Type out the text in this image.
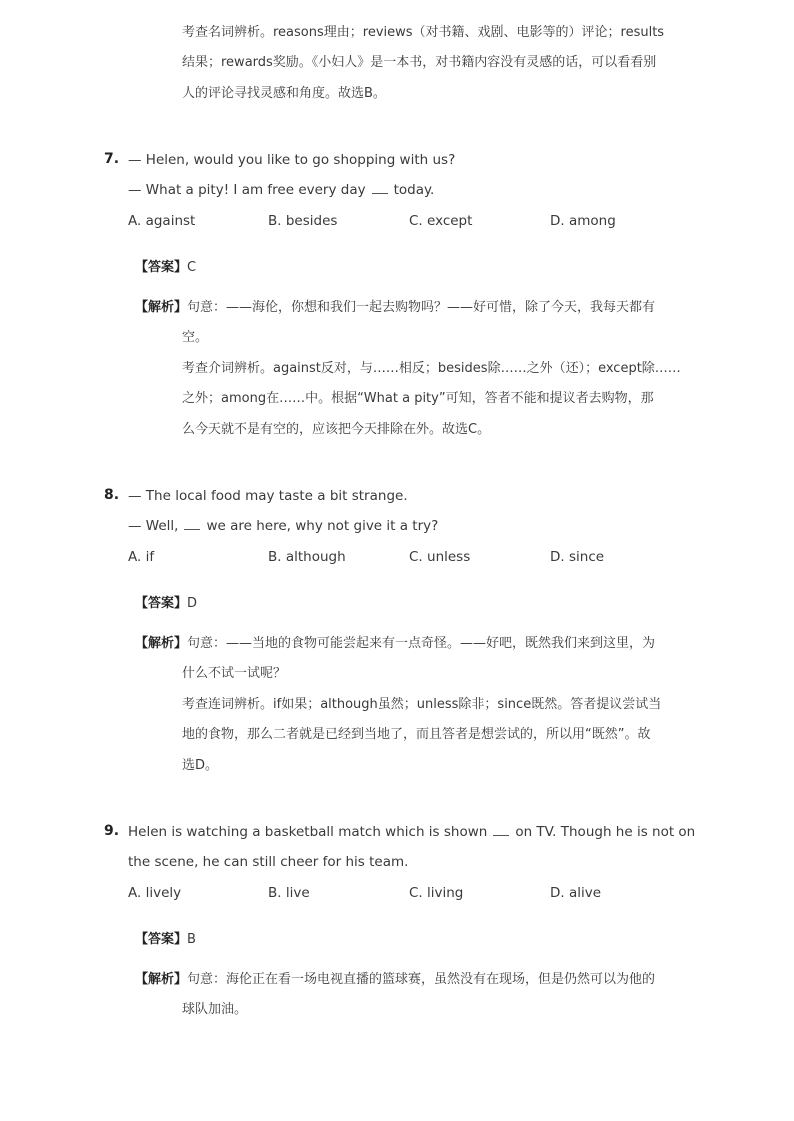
考查名词辨析。reasons理由；reviews（对书籍、戏剧、电影等的）评论；results
结果；rewards奖励。《小妇人》是一本书，对书籍内容没有灵感的话，可以看看别
人的评论寻找灵感和角度。故选B。
7. — Helen, would you like to go shopping with us?
— What a pity! I am free every day today.
A. against	B. besides	C. except	D. among
【答案】C
【解析】句意：——海伦，你想和我们一起去购物吗？——好可惜，除了今天，我每天都有
空。
考查介词辨析。against反对，与……相反；besides除……之外（还）；except除……
之外；among在……中。根据“What a pity”可知，答者不能和提议者去购物，那
么今天就不是有空的，应该把今天排除在外。故选C。
8. — The local food may taste a bit strange.
— Well, we are here, why not give it a try?
A. if	B. although	C. unless	D. since
【答案】D
【解析】句意：——当地的食物可能尝起来有一点奇怪。——好吧，既然我们来到这里，为
什么不试一试呢？
考查连词辨析。if如果；although虽然；unless除非；since既然。答者提议尝试当
地的食物，那么二者就是已经到当地了，而且答者是想尝试的，所以用“既然”。故
选D。
9. Helen is watching a basketball match which is shown on TV. Though he is not on
the scene, he can still cheer for his team.
A. lively	B. live	C. living	D. alive
【答案】B
【解析】句意：海伦正在看一场电视直播的篮球赛，虽然没有在现场，但是仍然可以为他的
球队加油。
